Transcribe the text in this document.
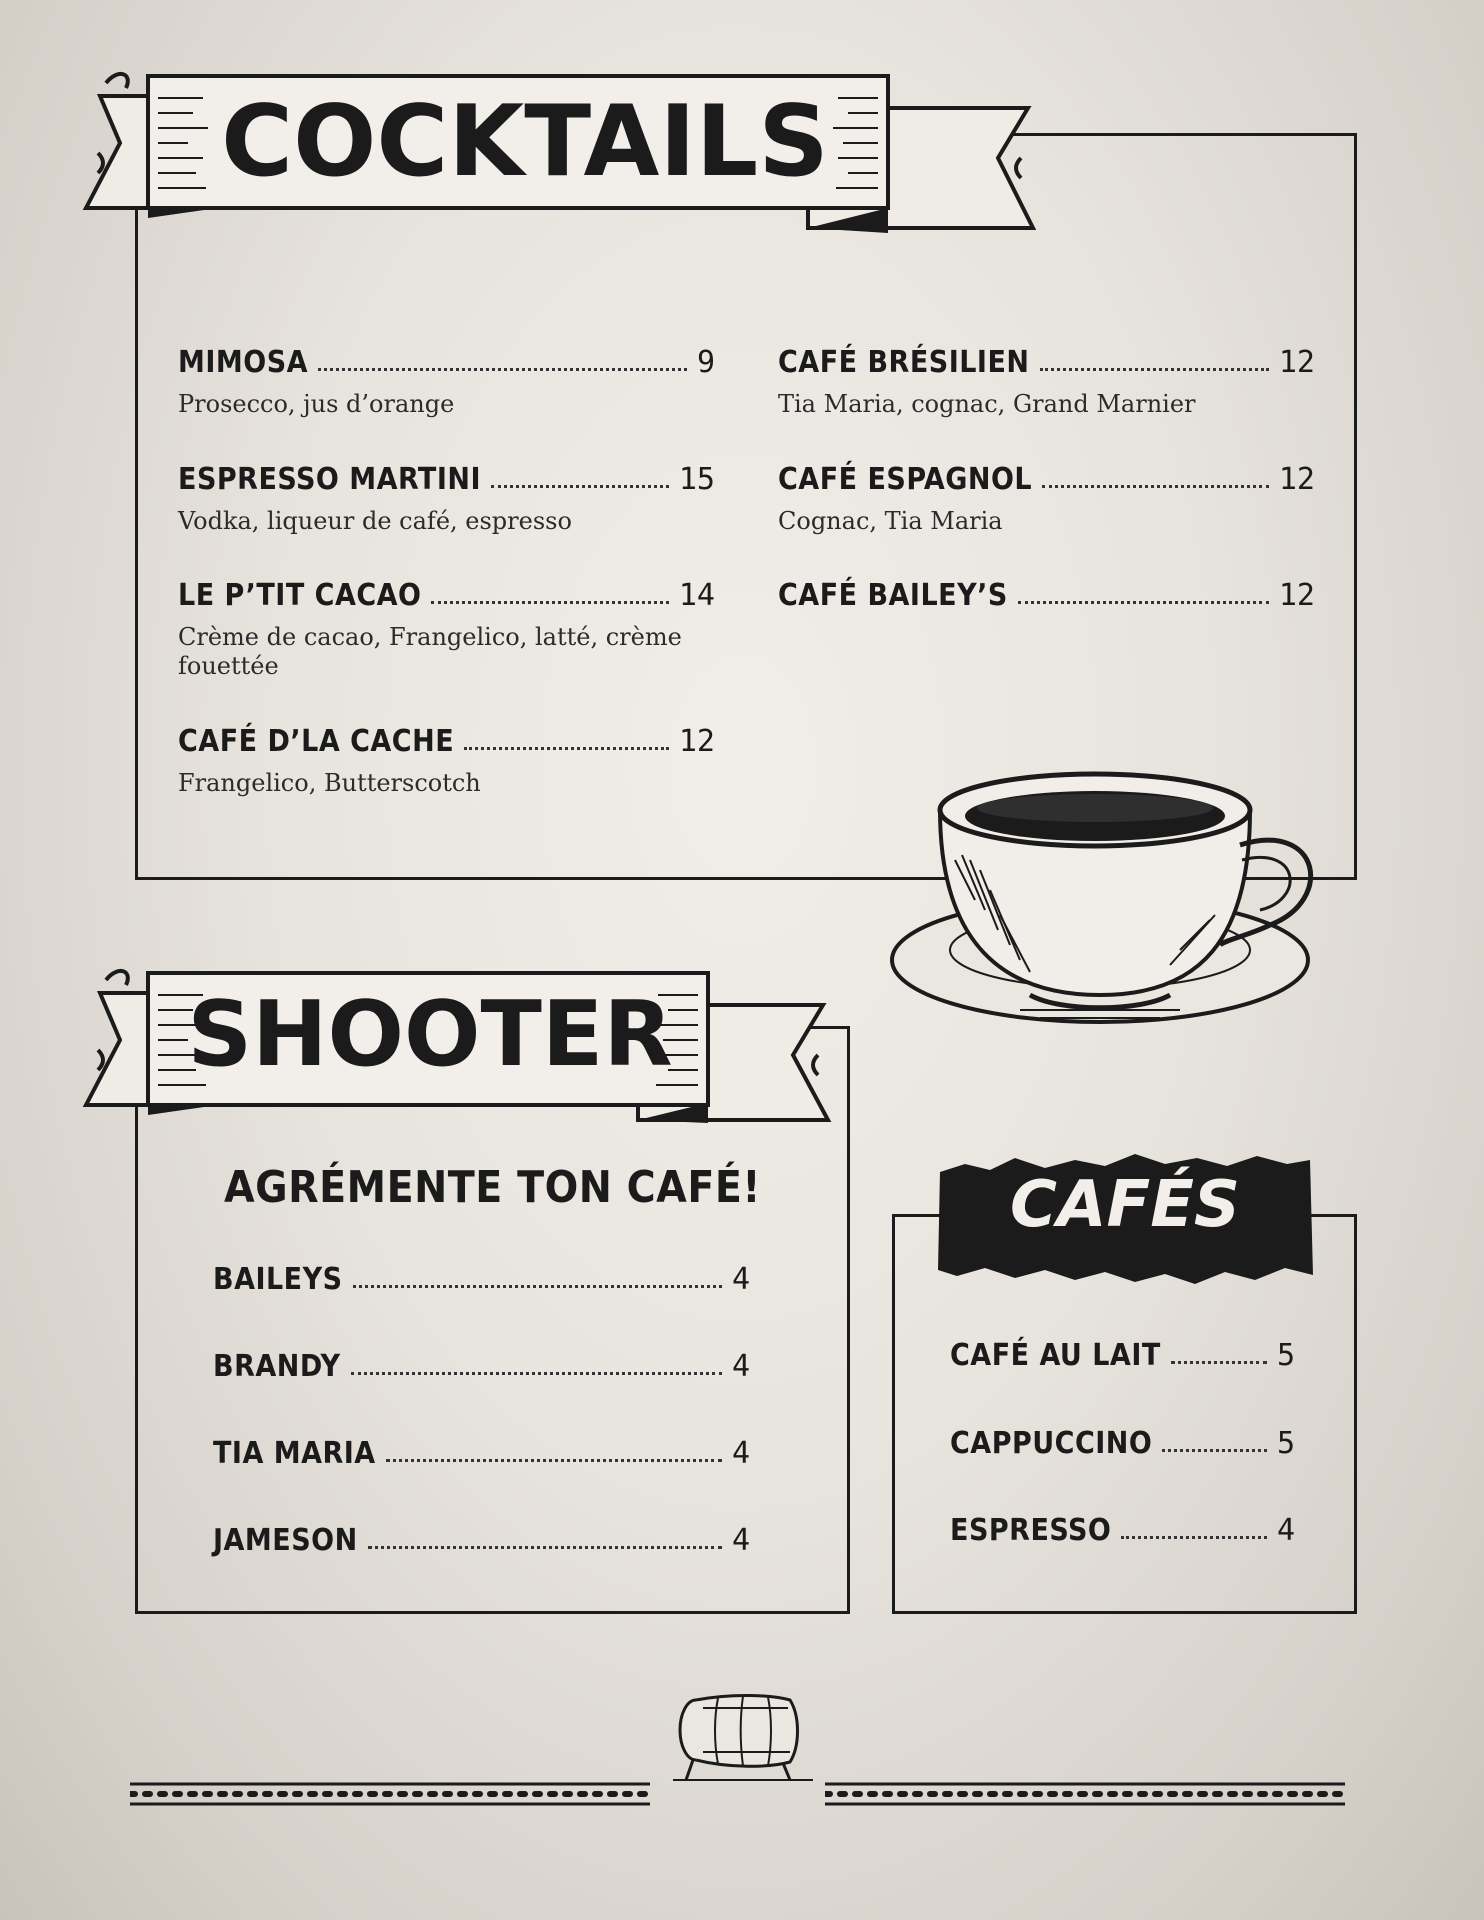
COCKTAILS
MIMOSA	9
Prosecco, jus d’orange
ESPRESSO MARTINI	15
Vodka, liqueur de café, espresso
LE P’TIT CACAO	14
Crème de cacao, Frangelico, latté, crème fouettée
CAFÉ D’LA CACHE	12
Frangelico, Butterscotch
CAFÉ BRÉSILIEN	12
Tia Maria, cognac, Grand Marnier
CAFÉ ESPAGNOL	12
Cognac, Tia Maria
CAFÉ BAILEY’S	12
SHOOTER
AGRÉMENTE TON CAFÉ!
BAILEYS	4
BRANDY	4
TIA MARIA	4
JAMESON	4
CAFÉS
CAFÉ AU LAIT	5
CAPPUCCINO	5
ESPRESSO	4
